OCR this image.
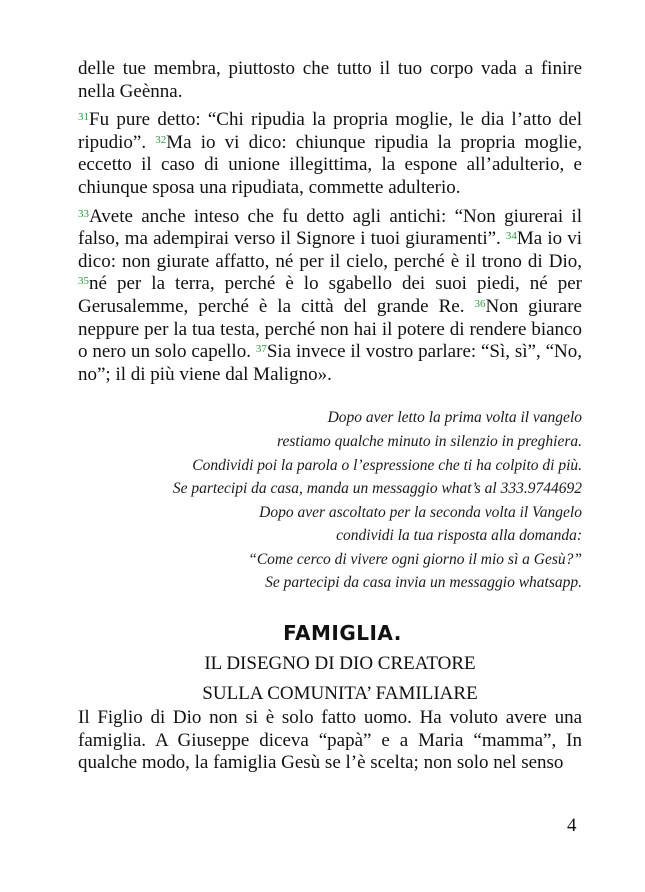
delle tue membra, piuttosto che tutto il tuo corpo vada a finire nella Geènna.

$^{31}$Fu pure detto: “Chi ripudia la propria moglie, le dia l’atto del ripudio”. $^{32}$Ma io vi dico: chiunque ripudia la propria moglie, eccetto il caso di unione illegittima, la espone all’adulterio, e chiunque sposa una ripudiata, commette adulterio.

$^{33}$Avete anche inteso che fu detto agli antichi: “Non giurerai il falso, ma adempirai verso il Signore i tuoi giuramenti”. $^{34}$Ma io vi dico: non giurate affatto, né per il cielo, perché è il trono di Dio, $^{35}$né per la terra, perché è lo sgabello dei suoi piedi, né per Gerusalemme, perché è la città del grande Re. $^{36}$Non giurare neppure per la tua testa, perché non hai il potere di rendere bianco o nero un solo capello. $^{37}$Sia invece il vostro parlare: “Sì, sì”, “No, no”; il di più viene dal Maligno».

Dopo aver letto la prima volta il vangelo
restiamo qualche minuto in silenzio in preghiera.
Condividi poi la parola o l’espressione che ti ha colpito di più.
Se partecipi da casa, manda un messaggio what’s al 333.9744692
Dopo aver ascoltato per la seconda volta il Vangelo
condividi la tua risposta alla domanda:
“Come cerco di vivere ogni giorno il mio sì a Gesù?”
Se partecipi da casa invia un messaggio whatsapp.
FAMIGLIA.
IL DISEGNO DI DIO CREATORE
SULLA COMUNITA’ FAMILIARE

Il Figlio di Dio non si è solo fatto uomo. Ha voluto avere una famiglia. A Giuseppe diceva “papà” e a Maria “mamma”, In qualche modo, la famiglia Gesù se l’è scelta; non solo nel senso

4
